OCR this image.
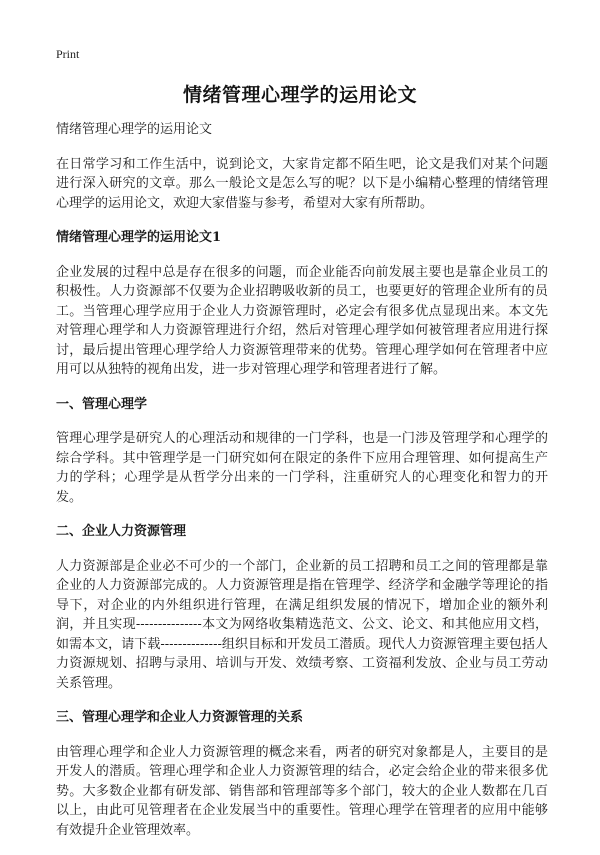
Print
情绪管理心理学的运用论文

情绪管理心理学的运用论文

在日常学习和工作生活中，说到论文，大家肯定都不陌生吧，论文是我们对某个问题进行深入研究的文章。那么一般论文是怎么写的呢？以下是小编精心整理的情绪管理心理学的运用论文，欢迎大家借鉴与参考，希望对大家有所帮助。

情绪管理心理学的运用论文1

企业发展的过程中总是存在很多的问题，而企业能否向前发展主要也是靠企业员工的积极性。人力资源部不仅要为企业招聘吸收新的员工，也要更好的管理企业所有的员工。当管理心理学应用于企业人力资源管理时，必定会有很多优点显现出来。本文先对管理心理学和人力资源管理进行介绍，然后对管理心理学如何被管理者应用进行探讨，最后提出管理心理学给人力资源管理带来的优势。管理心理学如何在管理者中应用可以从独特的视角出发，进一步对管理心理学和管理者进行了解。

一、管理心理学

管理心理学是研究人的心理活动和规律的一门学科，也是一门涉及管理学和心理学的综合学科。其中管理学是一门研究如何在限定的条件下应用合理管理、如何提高生产力的学科；心理学是从哲学分出来的一门学科，注重研究人的心理变化和智力的开发。

二、企业人力资源管理

人力资源部是企业必不可少的一个部门，企业新的员工招聘和员工之间的管理都是靠企业的人力资源部完成的。人力资源管理是指在管理学、经济学和金融学等理论的指导下，对企业的内外组织进行管理，在满足组织发展的情况下，增加企业的额外利润，并且实现---------------本文为网络收集精选范文、公文、论文、和其他应用文档，如需本文，请下载--------------组织目标和开发员工潜质。现代人力资源管理主要包括人力资源规划、招聘与录用、培训与开发、效绩考察、工资福利发放、企业与员工劳动关系管理。

三、管理心理学和企业人力资源管理的关系

由管理心理学和企业人力资源管理的概念来看，两者的研究对象都是人，主要目的是开发人的潜质。管理心理学和企业人力资源管理的结合，必定会给企业的带来很多优势。大多数企业都有研发部、销售部和管理部等多个部门，较大的企业人数都在几百以上，由此可见管理者在企业发展当中的重要性。管理心理学在管理者的应用中能够有效提升企业管理效率。
